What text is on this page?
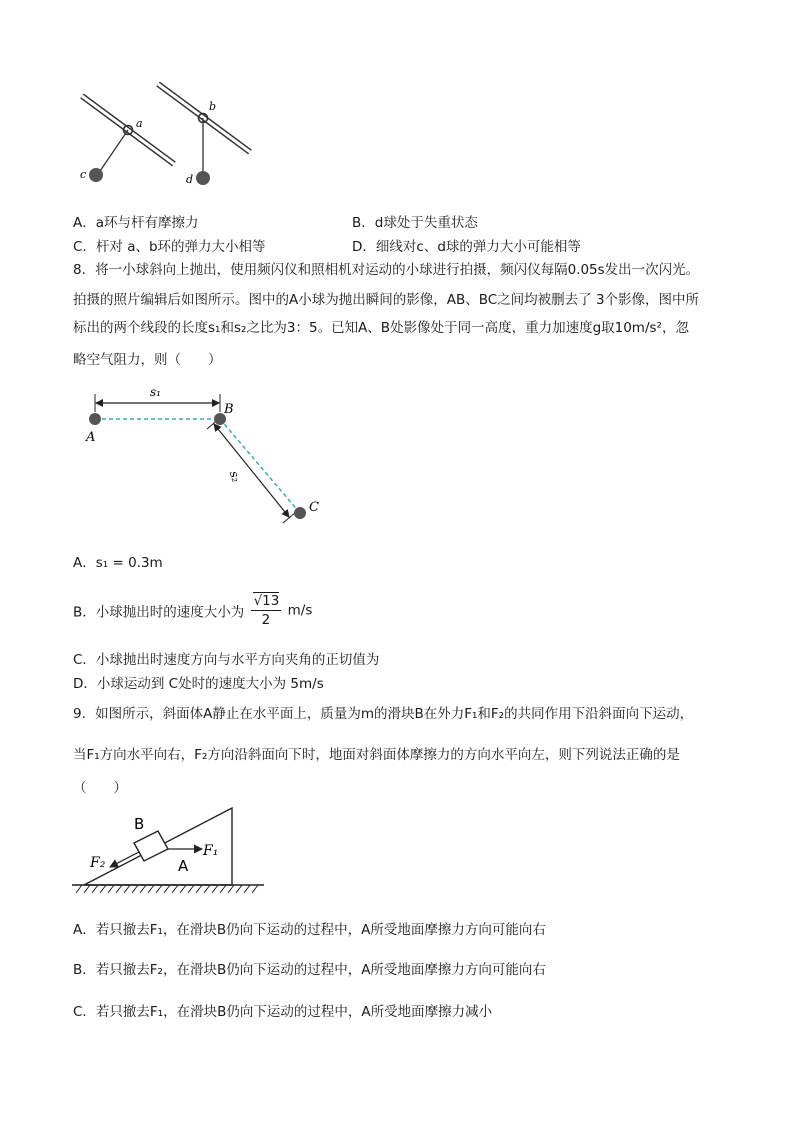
a
c
b
d
A．a环与杆有摩擦力	B．d球处于失重状态
C．杆对 a、b环的弹力大小相等	D．细线对c、d球的弹力大小可能相等
8．将一小球斜向上抛出，使用频闪仪和照相机对运动的小球进行拍摄，频闪仪每隔0.05s发出一次闪光。
拍摄的照片编辑后如图所示。图中的A小球为抛出瞬间的影像，AB、BC之间均被删去了 3个影像，图中所
标出的两个线段的长度s₁和s₂之比为3：5。已知A、B处影像处于同一高度，重力加速度g取10m/s²，忽
略空气阻力，则（　　）
s₁
s₂
A
B
C
A．s₁ = 0.3m
B．小球抛出时的速度大小为 $\frac{√13}{2} m/s$
C．小球抛出时速度方向与水平方向夹角的正切值为
D．小球运动到 C处时的速度大小为 5m/s
9．如图所示，斜面体A静止在水平面上，质量为m的滑块B在外力F₁和F₂的共同作用下沿斜面向下运动，
当F₁方向水平向右，F₂方向沿斜面向下时，地面对斜面体摩擦力的方向水平向左，则下列说法正确的是
（　　）
B
A
F₁
F₂
A．若只撤去F₁，在滑块B仍向下运动的过程中，A所受地面摩擦力方向可能向右
B．若只撤去F₂，在滑块B仍向下运动的过程中，A所受地面摩擦力方向可能向右
C．若只撤去F₁，在滑块B仍向下运动的过程中，A所受地面摩擦力减小
